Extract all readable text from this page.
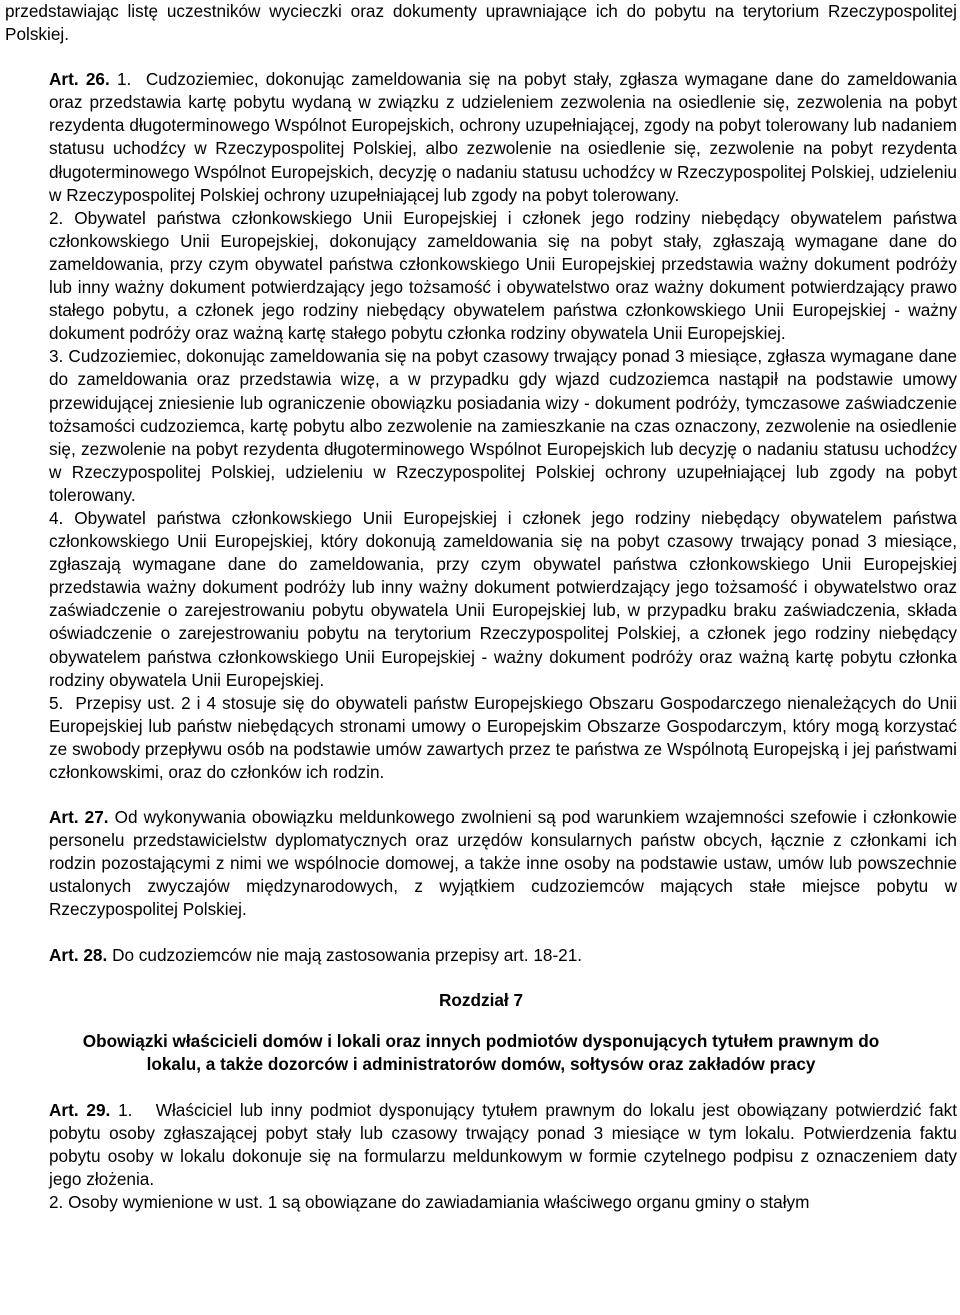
przedstawiając listę uczestników wycieczki oraz dokumenty uprawniające ich do pobytu na terytorium Rzeczypospolitej Polskiej.

Art. 26. 1. Cudzoziemiec, dokonując zameldowania się na pobyt stały, zgłasza wymagane dane do zameldowania oraz przedstawia kartę pobytu wydaną w związku z udzieleniem zezwolenia na osiedlenie się, zezwolenia na pobyt rezydenta długoterminowego Wspólnot Europejskich, ochrony uzupełniającej, zgody na pobyt tolerowany lub nadaniem statusu uchodźcy w Rzeczypospolitej Polskiej, albo zezwolenie na osiedlenie się, zezwolenie na pobyt rezydenta długoterminowego Wspólnot Europejskich, decyzję o nadaniu statusu uchodźcy w Rzeczypospolitej Polskiej, udzieleniu w Rzeczypospolitej Polskiej ochrony uzupełniającej lub zgody na pobyt tolerowany.

2. Obywatel państwa członkowskiego Unii Europejskiej i członek jego rodziny niebędący obywatelem państwa członkowskiego Unii Europejskiej, dokonujący zameldowania się na pobyt stały, zgłaszają wymagane dane do zameldowania, przy czym obywatel państwa członkowskiego Unii Europejskiej przedstawia ważny dokument podróży lub inny ważny dokument potwierdzający jego tożsamość i obywatelstwo oraz ważny dokument potwierdzający prawo stałego pobytu, a członek jego rodziny niebędący obywatelem państwa członkowskiego Unii Europejskiej - ważny dokument podróży oraz ważną kartę stałego pobytu członka rodziny obywatela Unii Europejskiej.

3. Cudzoziemiec, dokonując zameldowania się na pobyt czasowy trwający ponad 3 miesiące, zgłasza wymagane dane do zameldowania oraz przedstawia wizę, a w przypadku gdy wjazd cudzoziemca nastąpił na podstawie umowy przewidującej zniesienie lub ograniczenie obowiązku posiadania wizy - dokument podróży, tymczasowe zaświadczenie tożsamości cudzoziemca, kartę pobytu albo zezwolenie na zamieszkanie na czas oznaczony, zezwolenie na osiedlenie się, zezwolenie na pobyt rezydenta długoterminowego Wspólnot Europejskich lub decyzję o nadaniu statusu uchodźcy w Rzeczypospolitej Polskiej, udzieleniu w Rzeczypospolitej Polskiej ochrony uzupełniającej lub zgody na pobyt tolerowany.

4. Obywatel państwa członkowskiego Unii Europejskiej i członek jego rodziny niebędący obywatelem państwa członkowskiego Unii Europejskiej, który dokonują zameldowania się na pobyt czasowy trwający ponad 3 miesiące, zgłaszają wymagane dane do zameldowania, przy czym obywatel państwa członkowskiego Unii Europejskiej przedstawia ważny dokument podróży lub inny ważny dokument potwierdzający jego tożsamość i obywatelstwo oraz zaświadczenie o zarejestrowaniu pobytu obywatela Unii Europejskiej lub, w przypadku braku zaświadczenia, składa oświadczenie o zarejestrowaniu pobytu na terytorium Rzeczypospolitej Polskiej, a członek jego rodziny niebędący obywatelem państwa członkowskiego Unii Europejskiej - ważny dokument podróży oraz ważną kartę pobytu członka rodziny obywatela Unii Europejskiej.

5. Przepisy ust. 2 i 4 stosuje się do obywateli państw Europejskiego Obszaru Gospodarczego nienależących do Unii Europejskiej lub państw niebędących stronami umowy o Europejskim Obszarze Gospodarczym, który mogą korzystać ze swobody przepływu osób na podstawie umów zawartych przez te państwa ze Wspólnotą Europejską i jej państwami członkowskimi, oraz do członków ich rodzin.

Art. 27. Od wykonywania obowiązku meldunkowego zwolnieni są pod warunkiem wzajemności szefowie i członkowie personelu przedstawicielstw dyplomatycznych oraz urzędów konsularnych państw obcych, łącznie z członkami ich rodzin pozostającymi z nimi we wspólnocie domowej, a także inne osoby na podstawie ustaw, umów lub powszechnie ustalonych zwyczajów międzynarodowych, z wyjątkiem cudzoziemców mających stałe miejsce pobytu w Rzeczypospolitej Polskiej.

Art. 28. Do cudzoziemców nie mają zastosowania przepisy art. 18-21.

Rozdział 7

Obowiązki właścicieli domów i lokali oraz innych podmiotów dysponujących tytułem prawnym do

lokalu, a także dozorców i administratorów domów, sołtysów oraz zakładów pracy

Art. 29. 1. Właściciel lub inny podmiot dysponujący tytułem prawnym do lokalu jest obowiązany potwierdzić fakt pobytu osoby zgłaszającej pobyt stały lub czasowy trwający ponad 3 miesiące w tym lokalu. Potwierdzenia faktu pobytu osoby w lokalu dokonuje się na formularzu meldunkowym w formie czytelnego podpisu z oznaczeniem daty jego złożenia.

2. Osoby wymienione w ust. 1 są obowiązane do zawiadamiania właściwego organu gminy o stałym
